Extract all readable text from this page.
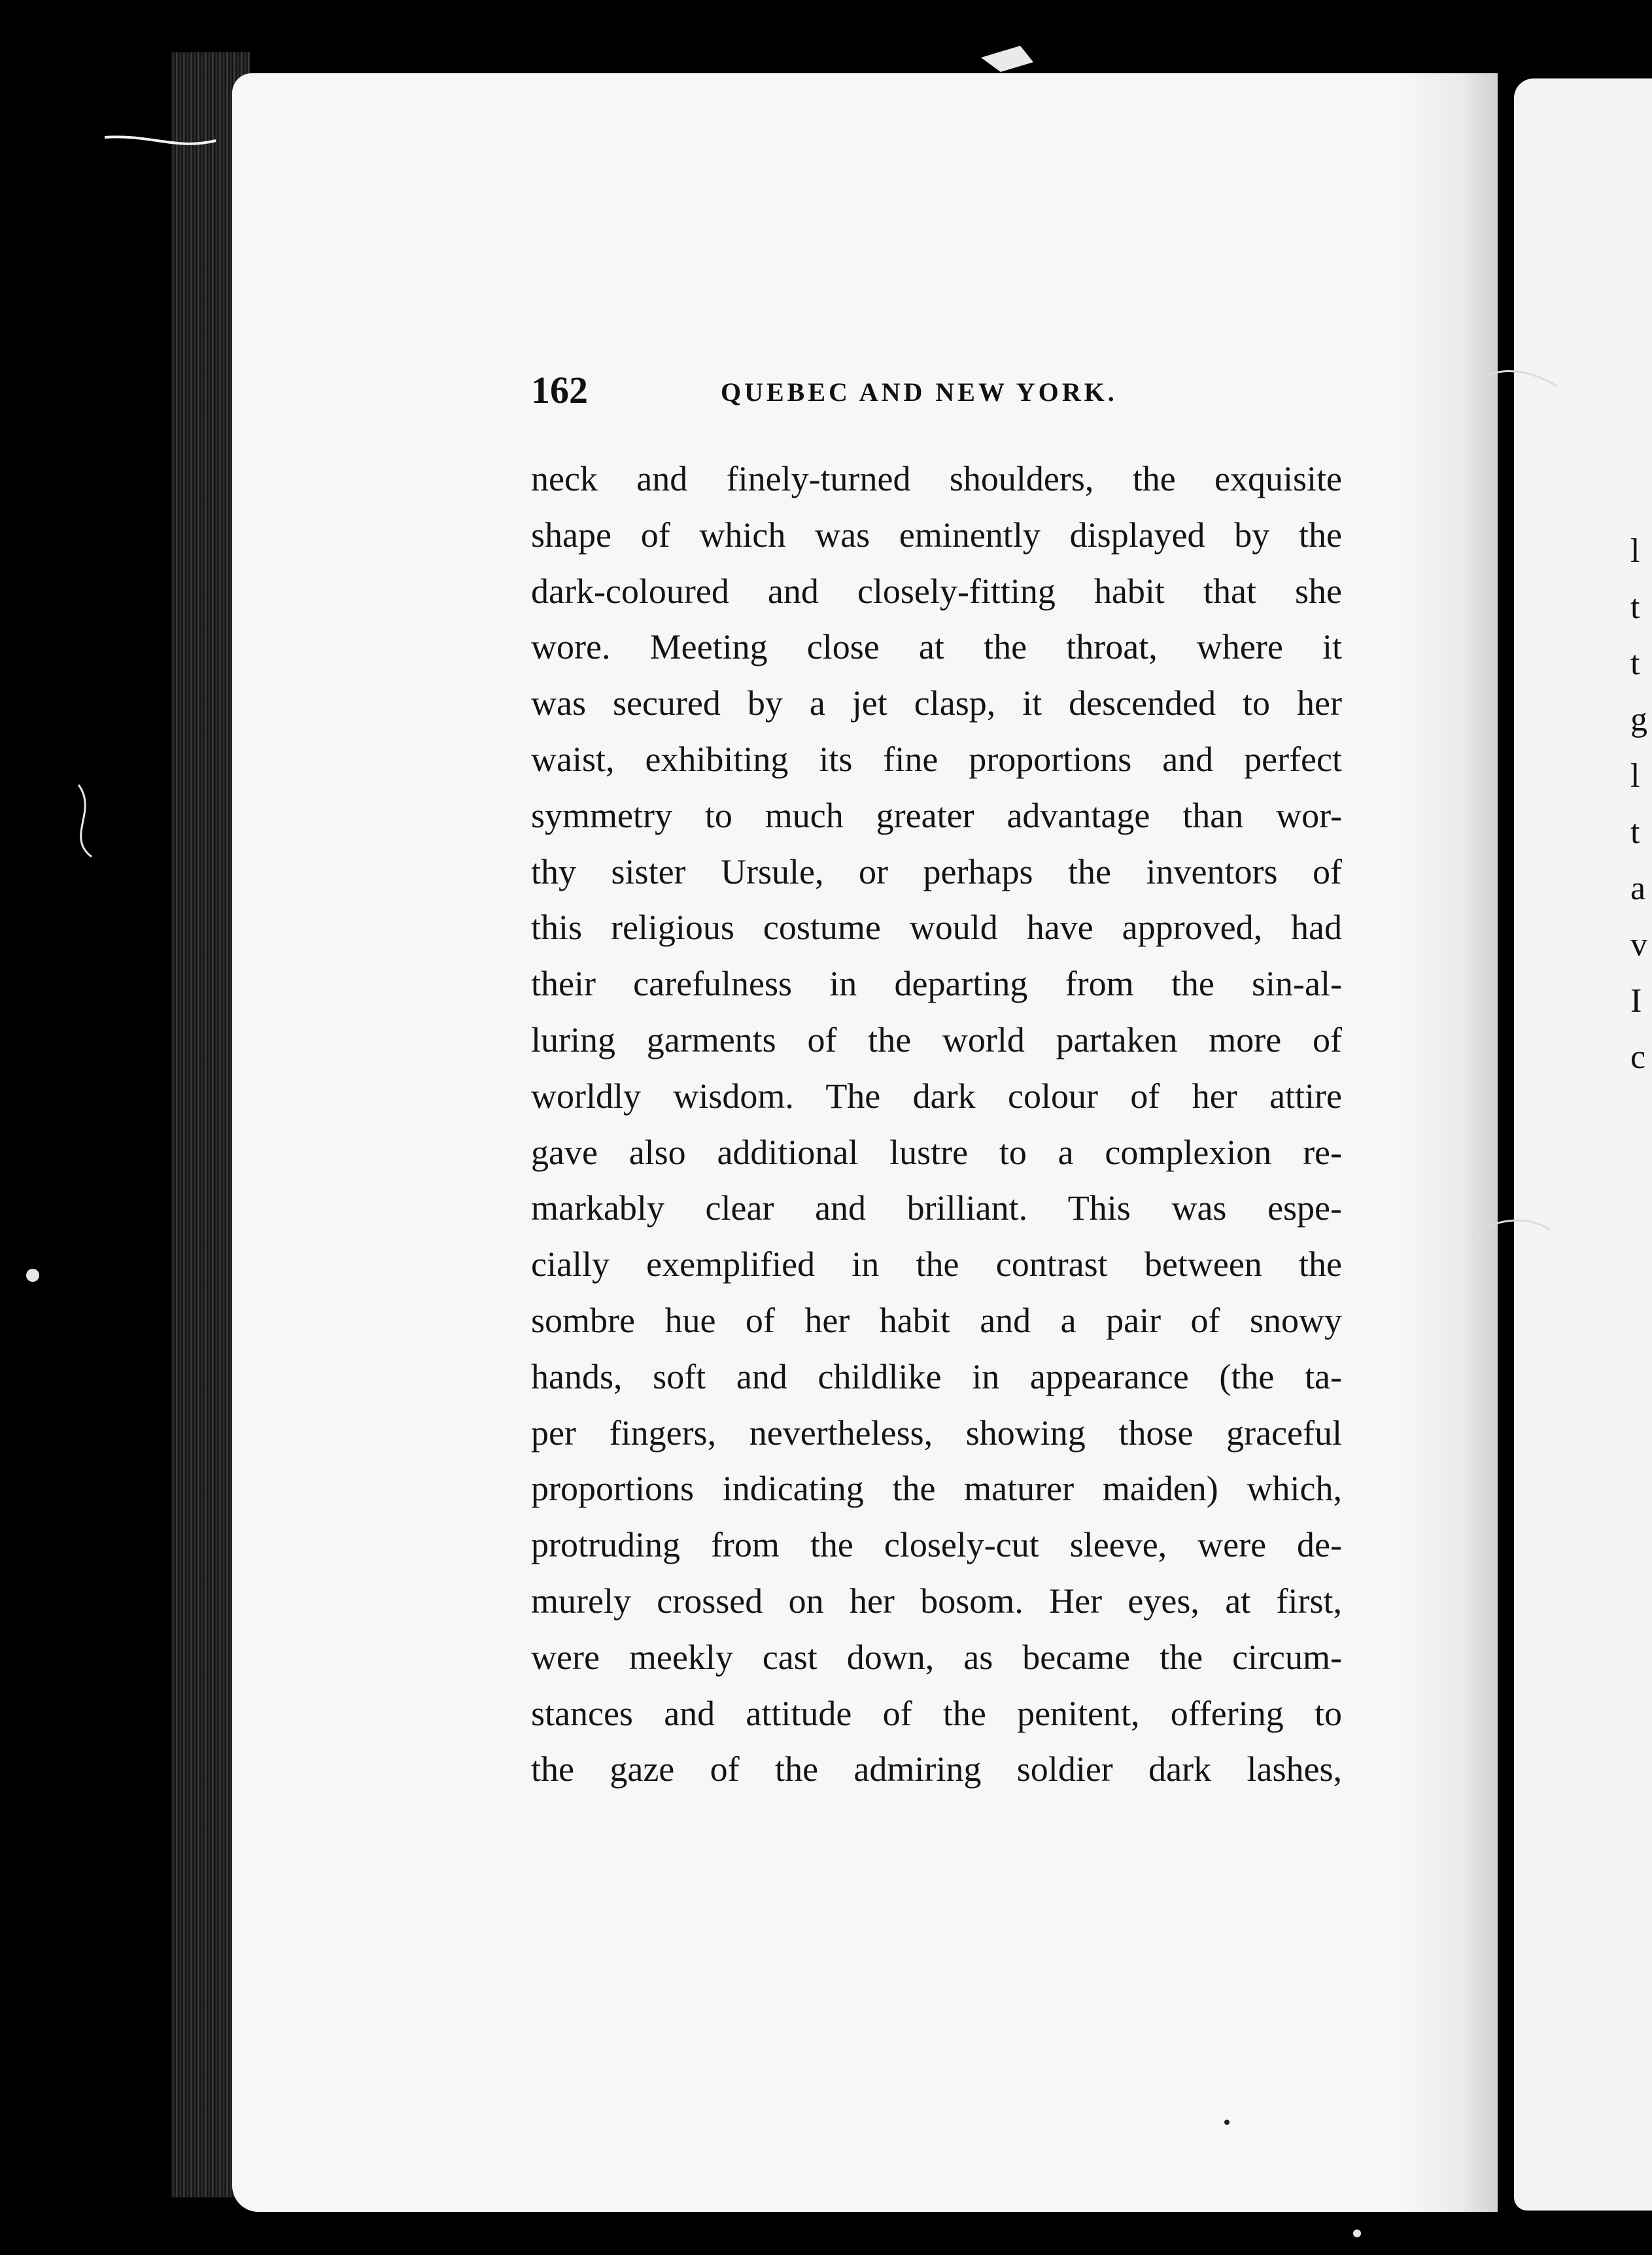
l
t
t
g
l
t
a
v
I
c
162	QUEBEC AND NEW YORK.
neck and finely-turned shoulders, the exquisite
shape of which was eminently displayed by the
dark-coloured and closely-fitting habit that she
wore. Meeting close at the throat, where it
was secured by a jet clasp, it descended to her
waist, exhibiting its fine proportions and perfect
symmetry to much greater advantage than wor-
thy sister Ursule, or perhaps the inventors of
this religious costume would have approved, had
their carefulness in departing from the sin-al-
luring garments of the world partaken more of
worldly wisdom. The dark colour of her attire
gave also additional lustre to a complexion re-
markably clear and brilliant. This was espe-
cially exemplified in the contrast between the
sombre hue of her habit and a pair of snowy
hands, soft and childlike in appearance (the ta-
per fingers, nevertheless, showing those graceful
proportions indicating the maturer maiden) which,
protruding from the closely-cut sleeve, were de-
murely crossed on her bosom. Her eyes, at first,
were meekly cast down, as became the circum-
stances and attitude of the penitent, offering to
the gaze of the admiring soldier dark lashes,
